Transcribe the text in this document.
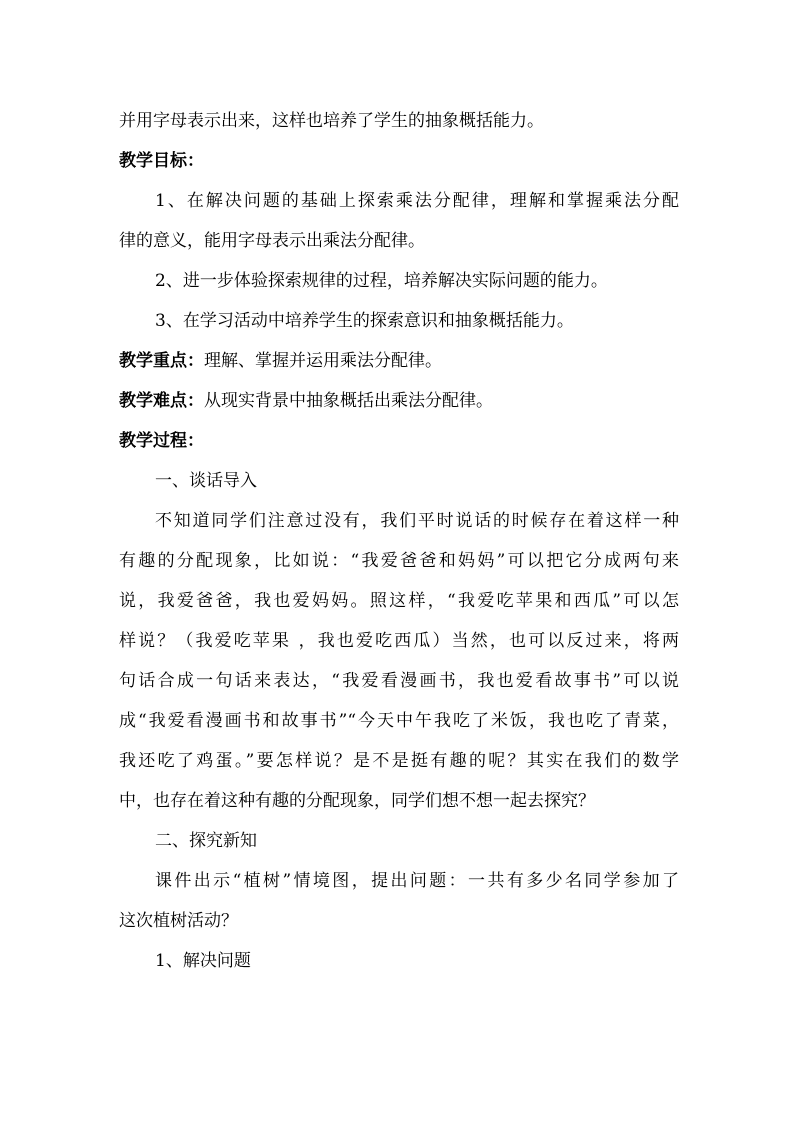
并用字母表示出来，这样也培养了学生的抽象概括能力。
教学目标：
1、在解决问题的基础上探索乘法分配律，理解和掌握乘法分配
律的意义，能用字母表示出乘法分配律。
2、进一步体验探索规律的过程，培养解决实际问题的能力。
3、在学习活动中培养学生的探索意识和抽象概括能力。
教学重点：理解、掌握并运用乘法分配律。
教学难点：从现实背景中抽象概括出乘法分配律。
教学过程：
一、谈话导入
不知道同学们注意过没有，我们平时说话的时候存在着这样一种
有趣的分配现象，比如说：“我爱爸爸和妈妈”可以把它分成两句来
说，我爱爸爸，我也爱妈妈。照这样，“我爱吃苹果和西瓜”可以怎
样说？（我爱吃苹果 ，我也爱吃西瓜）当然，也可以反过来，将两
句话合成一句话来表达，“我爱看漫画书，我也爱看故事书”可以说
成“我爱看漫画书和故事书”“今天中午我吃了米饭，我也吃了青菜，
我还吃了鸡蛋。”要怎样说？是不是挺有趣的呢？其实在我们的数学
中，也存在着这种有趣的分配现象，同学们想不想一起去探究？
二、探究新知
课件出示“植树”情境图，提出问题：一共有多少名同学参加了
这次植树活动？
1、解决问题
